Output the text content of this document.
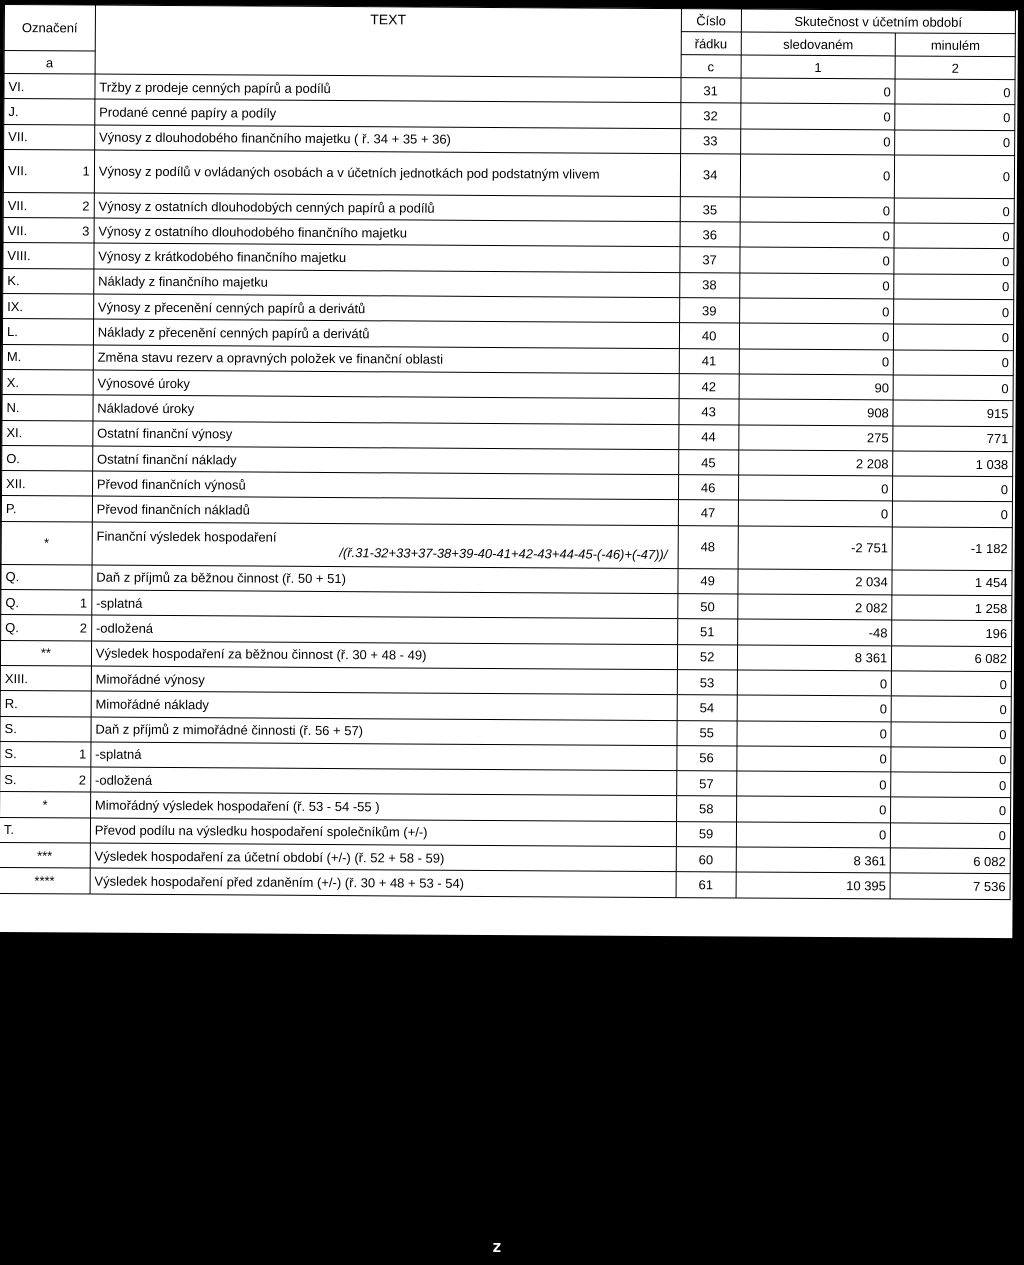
Označení	TEXT	Číslo	Skutečnost v účetním období	
		řádku	sledovaném	minulém
a		c	1	2

VI.	Tržby z prodeje cenných papírů a podílů	31	0	0

J.	Prodané cenné papíry a podíly	32	0	0

VII.	Výnosy z dlouhodobého finančního majetku ( ř. 34 + 35 + 36)	33	0	0

VII. 1	Výnosy z podílů v ovládaných osobách a v účetních jednotkách pod podstatným vlivem	34	0	0

VII. 2	Výnosy z ostatních dlouhodobých cenných papírů a podílů	35	0	0

VII. 3	Výnosy z ostatního dlouhodobého finančního majetku	36	0	0

VIII.	Výnosy z krátkodobého finančního majetku	37	0	0

K.	Náklady z finančního majetku	38	0	0

IX.	Výnosy z přecenění cenných papírů a derivátů	39	0	0

L.	Náklady z přecenění cenných papírů a derivátů	40	0	0

M.	Změna stavu rezerv a opravných položek ve finanční oblasti	41	0	0

X.	Výnosové úroky	42	90	0

N.	Nákladové úroky	43	908	915

XI.	Ostatní finanční výnosy	44	275	771

O.	Ostatní finanční náklady	45	2 208	1 038

XII.	Převod finančních výnosů	46	0	0

P.	Převod finančních nákladů	47	0	0

*	Finanční výsledek hospodaření
/(ř.31-32+33+37-38+39-40-41+42-43+44-45-(-46)+(-47))/	48	-2 751	-1 182

Q.	Daň z příjmů za běžnou činnost (ř. 50 + 51)	49	2 034	1 454

Q. 1	-splatná	50	2 082	1 258

Q. 2	-odložená	51	-48	196

**	Výsledek hospodaření za běžnou činnost (ř. 30 + 48 - 49)	52	8 361	6 082

XIII.	Mimořádné výnosy	53	0	0

R.	Mimořádné náklady	54	0	0

S.	Daň z příjmů z mimořádné činnosti (ř. 56 + 57)	55	0	0

S. 1	-splatná	56	0	0

S. 2	-odložená	57	0	0

*	Mimořádný výsledek hospodaření (ř. 53 - 54 -55 )	58	0	0

T.	Převod podílu na výsledku hospodaření společníkům (+/-)	59	0	0

***	Výsledek hospodaření za účetní období (+/-) (ř. 52 + 58 - 59)	60	8 361	6 082

****	Výsledek hospodaření před zdaněním (+/-) (ř. 30 + 48 + 53 - 54)	61	10 395	7 536
z
